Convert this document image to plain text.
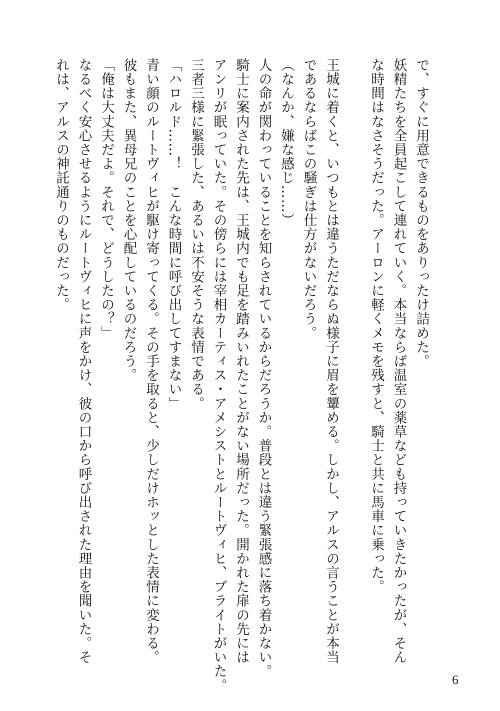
で、すぐに用意できるものをありったけ詰めた。
妖精たちを全員起こして連れていく。本当ならば温室の薬草なども持っていきたかったが、そん
な時間はなさそうだった。アーロンに軽くメモを残すと、騎士と共に馬車に乗った。

王城に着くと、いつもとは違うただならぬ様子に眉を顰める。しかし、アルスの言うことが本当
であるならばこの騒ぎは仕方がないだろう。
（なんか、嫌な感じ……）
人の命が関わっていることを知らされているからだろうか。普段とは違う緊張感に落ち着かない。
騎士に案内された先は、王城内でも足を踏みいれたことがない場所だった。開かれた扉の先には
アンリが眠っていた。その傍らには宰相カーティス・アメシストとルートヴィヒ、ブライトがいた。
三者三様に緊張した、あるいは不安そうな表情である。
「ハロルド……！　こんな時間に呼び出してすまない」
青い顔のルートヴィヒが駆け寄ってくる。その手を取ると、少しだけホッとした表情に変わる。
彼もまた、異母兄のことを心配しているのだろう。
「俺は大丈夫だよ。それで、どうしたの？」
なるべく安心させるようにルートヴィヒに声をかけ、彼の口から呼び出された理由を聞いた。そ
れは、アルスの神託通りのものだった。
6
